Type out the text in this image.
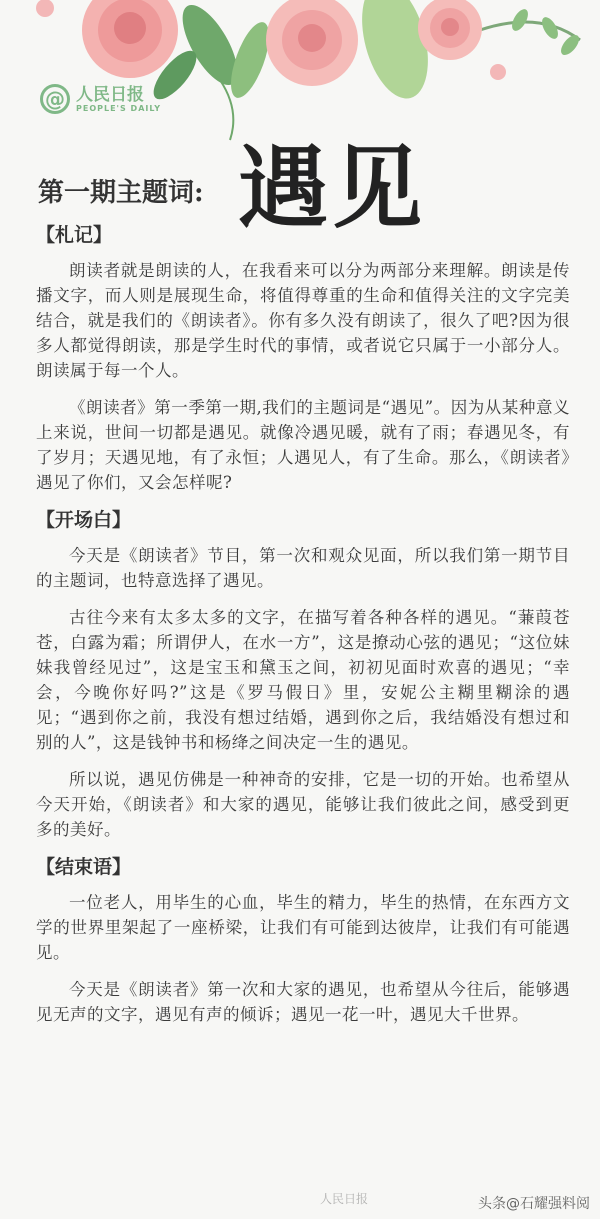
@ 人民日报
PEOPLE'S DAILY
第一期主题词: 遇见
【札记】

朗读者就是朗读的人，在我看来可以分为两部分来理解。朗读是传播文字，而人则是展现生命，将值得尊重的生命和值得关注的文字完美结合，就是我们的《朗读者》。你有多久没有朗读了，很久了吧?因为很多人都觉得朗读，那是学生时代的事情，或者说它只属于一小部分人。朗读属于每一个人。

《朗读者》第一季第一期,我们的主题词是“遇见”。因为从某种意义上来说，世间一切都是遇见。就像冷遇见暖，就有了雨；春遇见冬，有了岁月；天遇见地，有了永恒；人遇见人，有了生命。那么，《朗读者》遇见了你们，又会怎样呢?

【开场白】

今天是《朗读者》节目，第一次和观众见面，所以我们第一期节目的主题词，也特意选择了遇见。

古往今来有太多太多的文字，在描写着各种各样的遇见。“蒹葭苍苍，白露为霜；所谓伊人，在水一方”，这是撩动心弦的遇见；“这位妹妹我曾经见过”，这是宝玉和黛玉之间，初初见面时欢喜的遇见；“幸会，今晚你好吗?”这是《罗马假日》里，安妮公主糊里糊涂的遇见；“遇到你之前，我没有想过结婚，遇到你之后，我结婚没有想过和别的人”，这是钱钟书和杨绛之间决定一生的遇见。

所以说，遇见仿佛是一种神奇的安排，它是一切的开始。也希望从今天开始，《朗读者》和大家的遇见，能够让我们彼此之间，感受到更多的美好。

【结束语】

一位老人，用毕生的心血，毕生的精力，毕生的热情，在东西方文学的世界里架起了一座桥梁，让我们有可能到达彼岸，让我们有可能遇见。

今天是《朗读者》第一次和大家的遇见，也希望从今往后，能够遇见无声的文字，遇见有声的倾诉；遇见一花一叶，遇见大千世界。

人民日报	头条@石耀强料阅
